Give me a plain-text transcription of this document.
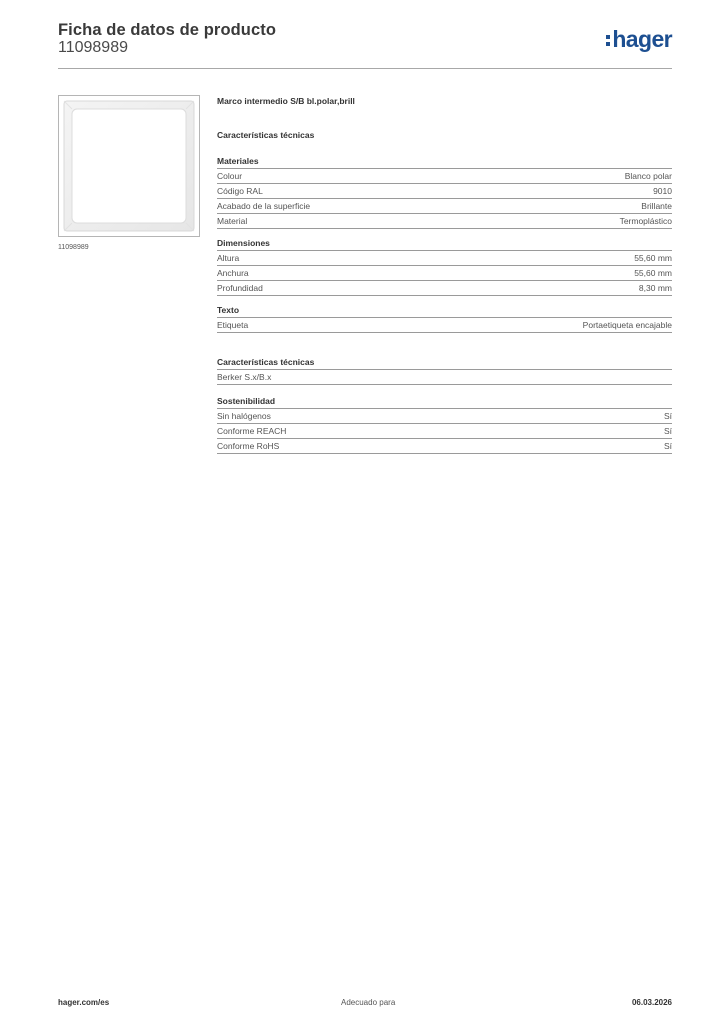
Ficha de datos de producto
11098989	hager
11098989
Marco intermedio S/B bl.polar,brill
Características técnicas
Materiales
Colour	Blanco polar
Código RAL	9010
Acabado de la superficie	Brillante
Material	Termoplástico
Dimensiones
Altura	55,60 mm
Anchura	55,60 mm
Profundidad	8,30 mm
Texto
Etiqueta	Portaetiqueta encajable
Características técnicas
Berker S.x/B.x
Sostenibilidad
Sin halógenos	Sí
Conforme REACH	Sí
Conforme RoHS	Sí
hager.com/es	Adecuado para	06.03.2026
